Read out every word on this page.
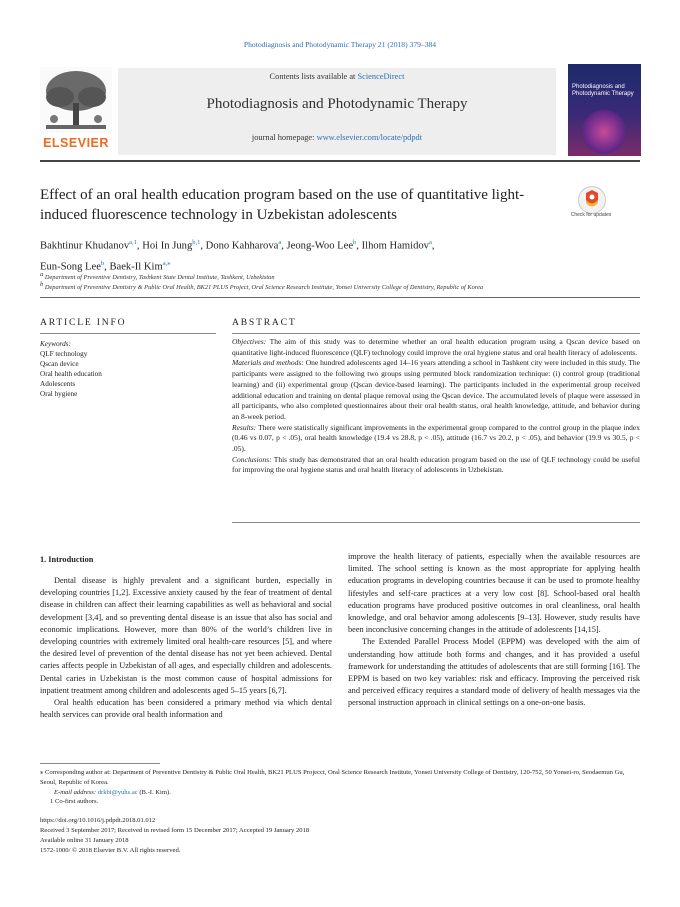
Photodiagnosis and Photodynamic Therapy 21 (2018) 379–384
ELSEVIER
Contents lists available at ScienceDirect
Photodiagnosis and Photodynamic Therapy
journal homepage: www.elsevier.com/locate/pdpdt
Photodiagnosis and Photodynamic Therapy
Effect of an oral health education program based on the use of quantitative light-induced fluorescence technology in Uzbekistan adolescents	Check for updates
Bakhtinur Khudanov$^{a,1}$, Hoi In Jung$^{b,1}$, Dono Kahharova$^a$, Jeong-Woo Lee$^b$, Ilhom Hamidov$^a$,
Eun-Song Lee$^b$, Baek-Il Kim$^{a,⁎}$
$^a$ Department of Preventive Dentistry, Tashkent State Dental Institute, Tashkent, Uzbekistan
$^b$ Department of Preventive Dentistry & Public Oral Health, BK21 PLUS Project, Oral Science Research Institute, Yonsei University College of Dentistry, Republic of Korea
ARTICLE INFO
Keywords:
QLF technology
Qscan device
Oral health education
Adolescents
Oral hygiene
ABSTRACT

Objectives: The aim of this study was to determine whether an oral health education program using a Qscan device based on quantitative light-induced fluorescence (QLF) technology could improve the oral hygiene status and oral health literacy of adolescents.

Materials and methods: One hundred adolescents aged 14–16 years attending a school in Tashkent city were included in this study. The participants were assigned to the following two groups using permuted block randomization technique: (i) control group (traditional learning) and (ii) experimental group (Qscan device-based learning). The participants included in the experimental group received additional education and training on dental plaque removal using the Qscan device. The accumulated levels of plaque were assessed in all participants, who also completed questionnaires about their oral health status, oral health knowledge, attitude, and behavior during an 8-week period.

Results: There were statistically significant improvements in the experimental group compared to the control group in the plaque index (0.46 vs 0.07, p < .05), oral health knowledge (19.4 vs 28.8, p < .05), attitude (16.7 vs 20.2, p < .05), and behavior (19.9 vs 30.5, p < .05).

Conclusions: This study has demonstrated that an oral health education program based on the use of QLF technology could be useful for improving the oral hygiene status and oral health literacy of adolescents in Uzbekistan.

1. Introduction

Dental disease is highly prevalent and a significant burden, especially in developing countries [1,2]. Excessive anxiety caused by the fear of treatment of dental disease in children can affect their learning capabilities as well as behavioral and social development [3,4], and so preventing dental disease is an issue that also has social and economic implications. However, more than 80% of the world’s children live in developing countries with extremely limited oral health-care resources [5], and where the desired level of prevention of the dental disease has not yet been achieved. Dental caries affects people in Uzbekistan of all ages, and especially children and adolescents. Dental caries in Uzbekistan is the most common cause of hospital admissions for inpatient treatment among children and adolescents aged 5–15 years [6,7].

Oral health education has been considered a primary method via which dental health services can provide oral health information and

improve the health literacy of patients, especially when the available resources are limited. The school setting is known as the most appropriate for applying health education programs in developing countries because it can be used to promote healthy lifestyles and self-care practices at a very low cost [8]. School-based oral health education programs have produced positive outcomes in oral cleanliness, oral health knowledge, and oral behavior among adolescents [9–13]. However, study results have been inconclusive concerning changes in the attitude of adolescents [14,15].

The Extended Parallel Process Model (EPPM) was developed with the aim of understanding how attitude both forms and changes, and it has provided a useful framework for understanding the attitudes of adolescents that are still forming [16]. The EPPM is based on two key variables: risk and efficacy. Improving the perceived risk and perceived efficacy requires a standard mode of delivery of health messages via the personal instruction approach in clinical settings on a one-on-one basis.

⁎ Corresponding author at: Department of Preventive Dentistry & Public Oral Health, BK21 PLUS Projecct, Oral Science Research Institute, Yonsei University College of Dentistry, 120-752, 50 Yonsei-ro, Seodaemun Gu, Seoul, Republic of Korea.
E-mail address: drkbi@yuhs.ac (B.-I. Kim).
1 Co-first authors.
https://doi.org/10.1016/j.pdpdt.2018.01.012
Received 3 September 2017; Received in revised form 15 December 2017; Accepted 19 January 2018
Available online 31 January 2018
1572-1000/ © 2018 Elsevier B.V. All rights reserved.
